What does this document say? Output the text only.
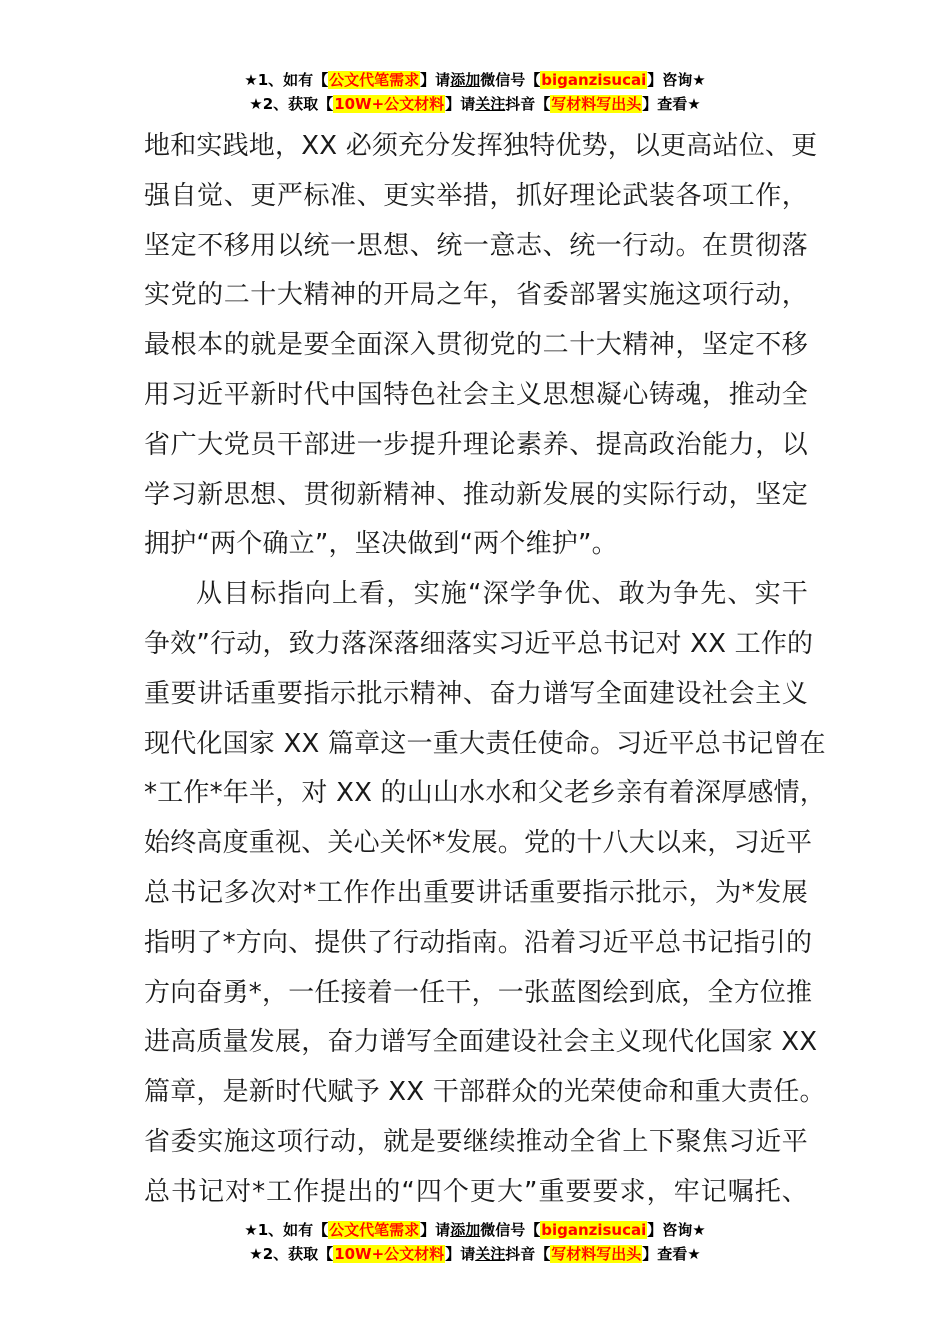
★1、如有【公文代笔需求】请添加微信号【biganzisucai】咨询★
★2、获取【10W+公文材料】请关注抖音【写材料写出头】查看★
地和实践地，XX 必须充分发挥独特优势，以更高站位、更
强自觉、更严标准、更实举措，抓好理论武装各项工作，
坚定不移用以统一思想、统一意志、统一行动。在贯彻落
实党的二十大精神的开局之年，省委部署实施这项行动，
最根本的就是要全面深入贯彻党的二十大精神，坚定不移
用习近平新时代中国特色社会主义思想凝心铸魂，推动全
省广大党员干部进一步提升理论素养、提高政治能力，以
学习新思想、贯彻新精神、推动新发展的实际行动，坚定
拥护“两个确立”，坚决做到“两个维护”。
从目标指向上看，实施“深学争优、敢为争先、实干
争效”行动，致力落深落细落实习近平总书记对 XX 工作的
重要讲话重要指示批示精神、奋力谱写全面建设社会主义
现代化国家 XX 篇章这一重大责任使命。习近平总书记曾在
*工作*年半，对 XX 的山山水水和父老乡亲有着深厚感情，
始终高度重视、关心关怀*发展。党的十八大以来，习近平
总书记多次对*工作作出重要讲话重要指示批示，为*发展
指明了*方向、提供了行动指南。沿着习近平总书记指引的
方向奋勇*，一任接着一任干，一张蓝图绘到底，全方位推
进高质量发展，奋力谱写全面建设社会主义现代化国家 XX
篇章，是新时代赋予 XX 干部群众的光荣使命和重大责任。
省委实施这项行动，就是要继续推动全省上下聚焦习近平
总书记对*工作提出的“四个更大”重要要求，牢记嘱托、
★1、如有【公文代笔需求】请添加微信号【biganzisucai】咨询★
★2、获取【10W+公文材料】请关注抖音【写材料写出头】查看★
